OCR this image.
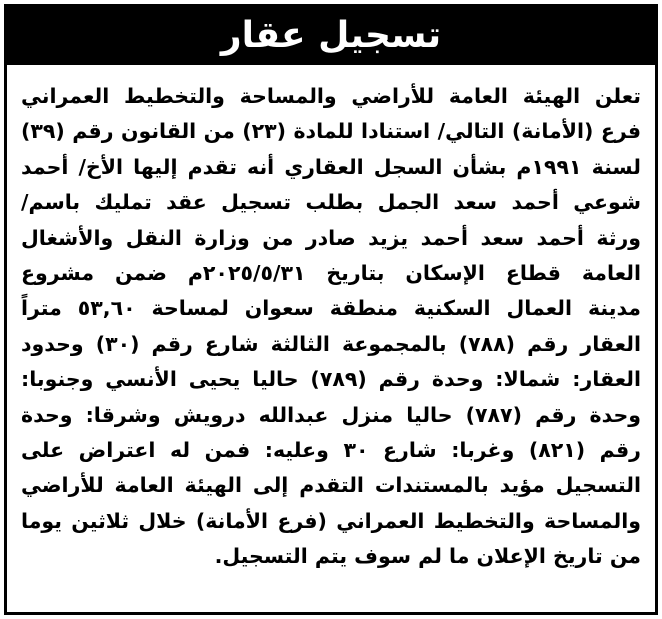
تسجيل عقار
تعلن الهيئة العامة للأراضي والمساحة والتخطيط العمراني
فرع (الأمانة) التالي/ استنادا للمادة (٢٣) من القانون رقم (٣٩)
لسنة ١٩٩١م بشأن السجل العقاري أنه تقدم إليها الأخ/ أحمد
شوعي أحمد سعد الجمل بطلب تسجيل عقد تمليك باسم/
ورثة أحمد سعد أحمد يزيد صادر من وزارة النقل والأشغال
العامة قطاع الإسكان بتاريخ ٢٠٢٥/٥/٣١م ضمن مشروع
مدينة العمال السكنية منطقة سعوان لمساحة ٥٣,٦٠ متراً
العقار رقم (٧٨٨) بالمجموعة الثالثة شارع رقم (٣٠) وحدود
العقار: شمالا: وحدة رقم (٧٨٩) حاليا يحيى الأنسي وجنوبا:
وحدة رقم (٧٨٧) حاليا منزل عبدالله درويش وشرقا: وحدة
رقم (٨٢١) وغربا: شارع ٣٠ وعليه: فمن له اعتراض على
التسجيل مؤيد بالمستندات التقدم إلى الهيئة العامة للأراضي
والمساحة والتخطيط العمراني (فرع الأمانة) خلال ثلاثين يوما
من تاريخ الإعلان ما لم سوف يتم التسجيل.
